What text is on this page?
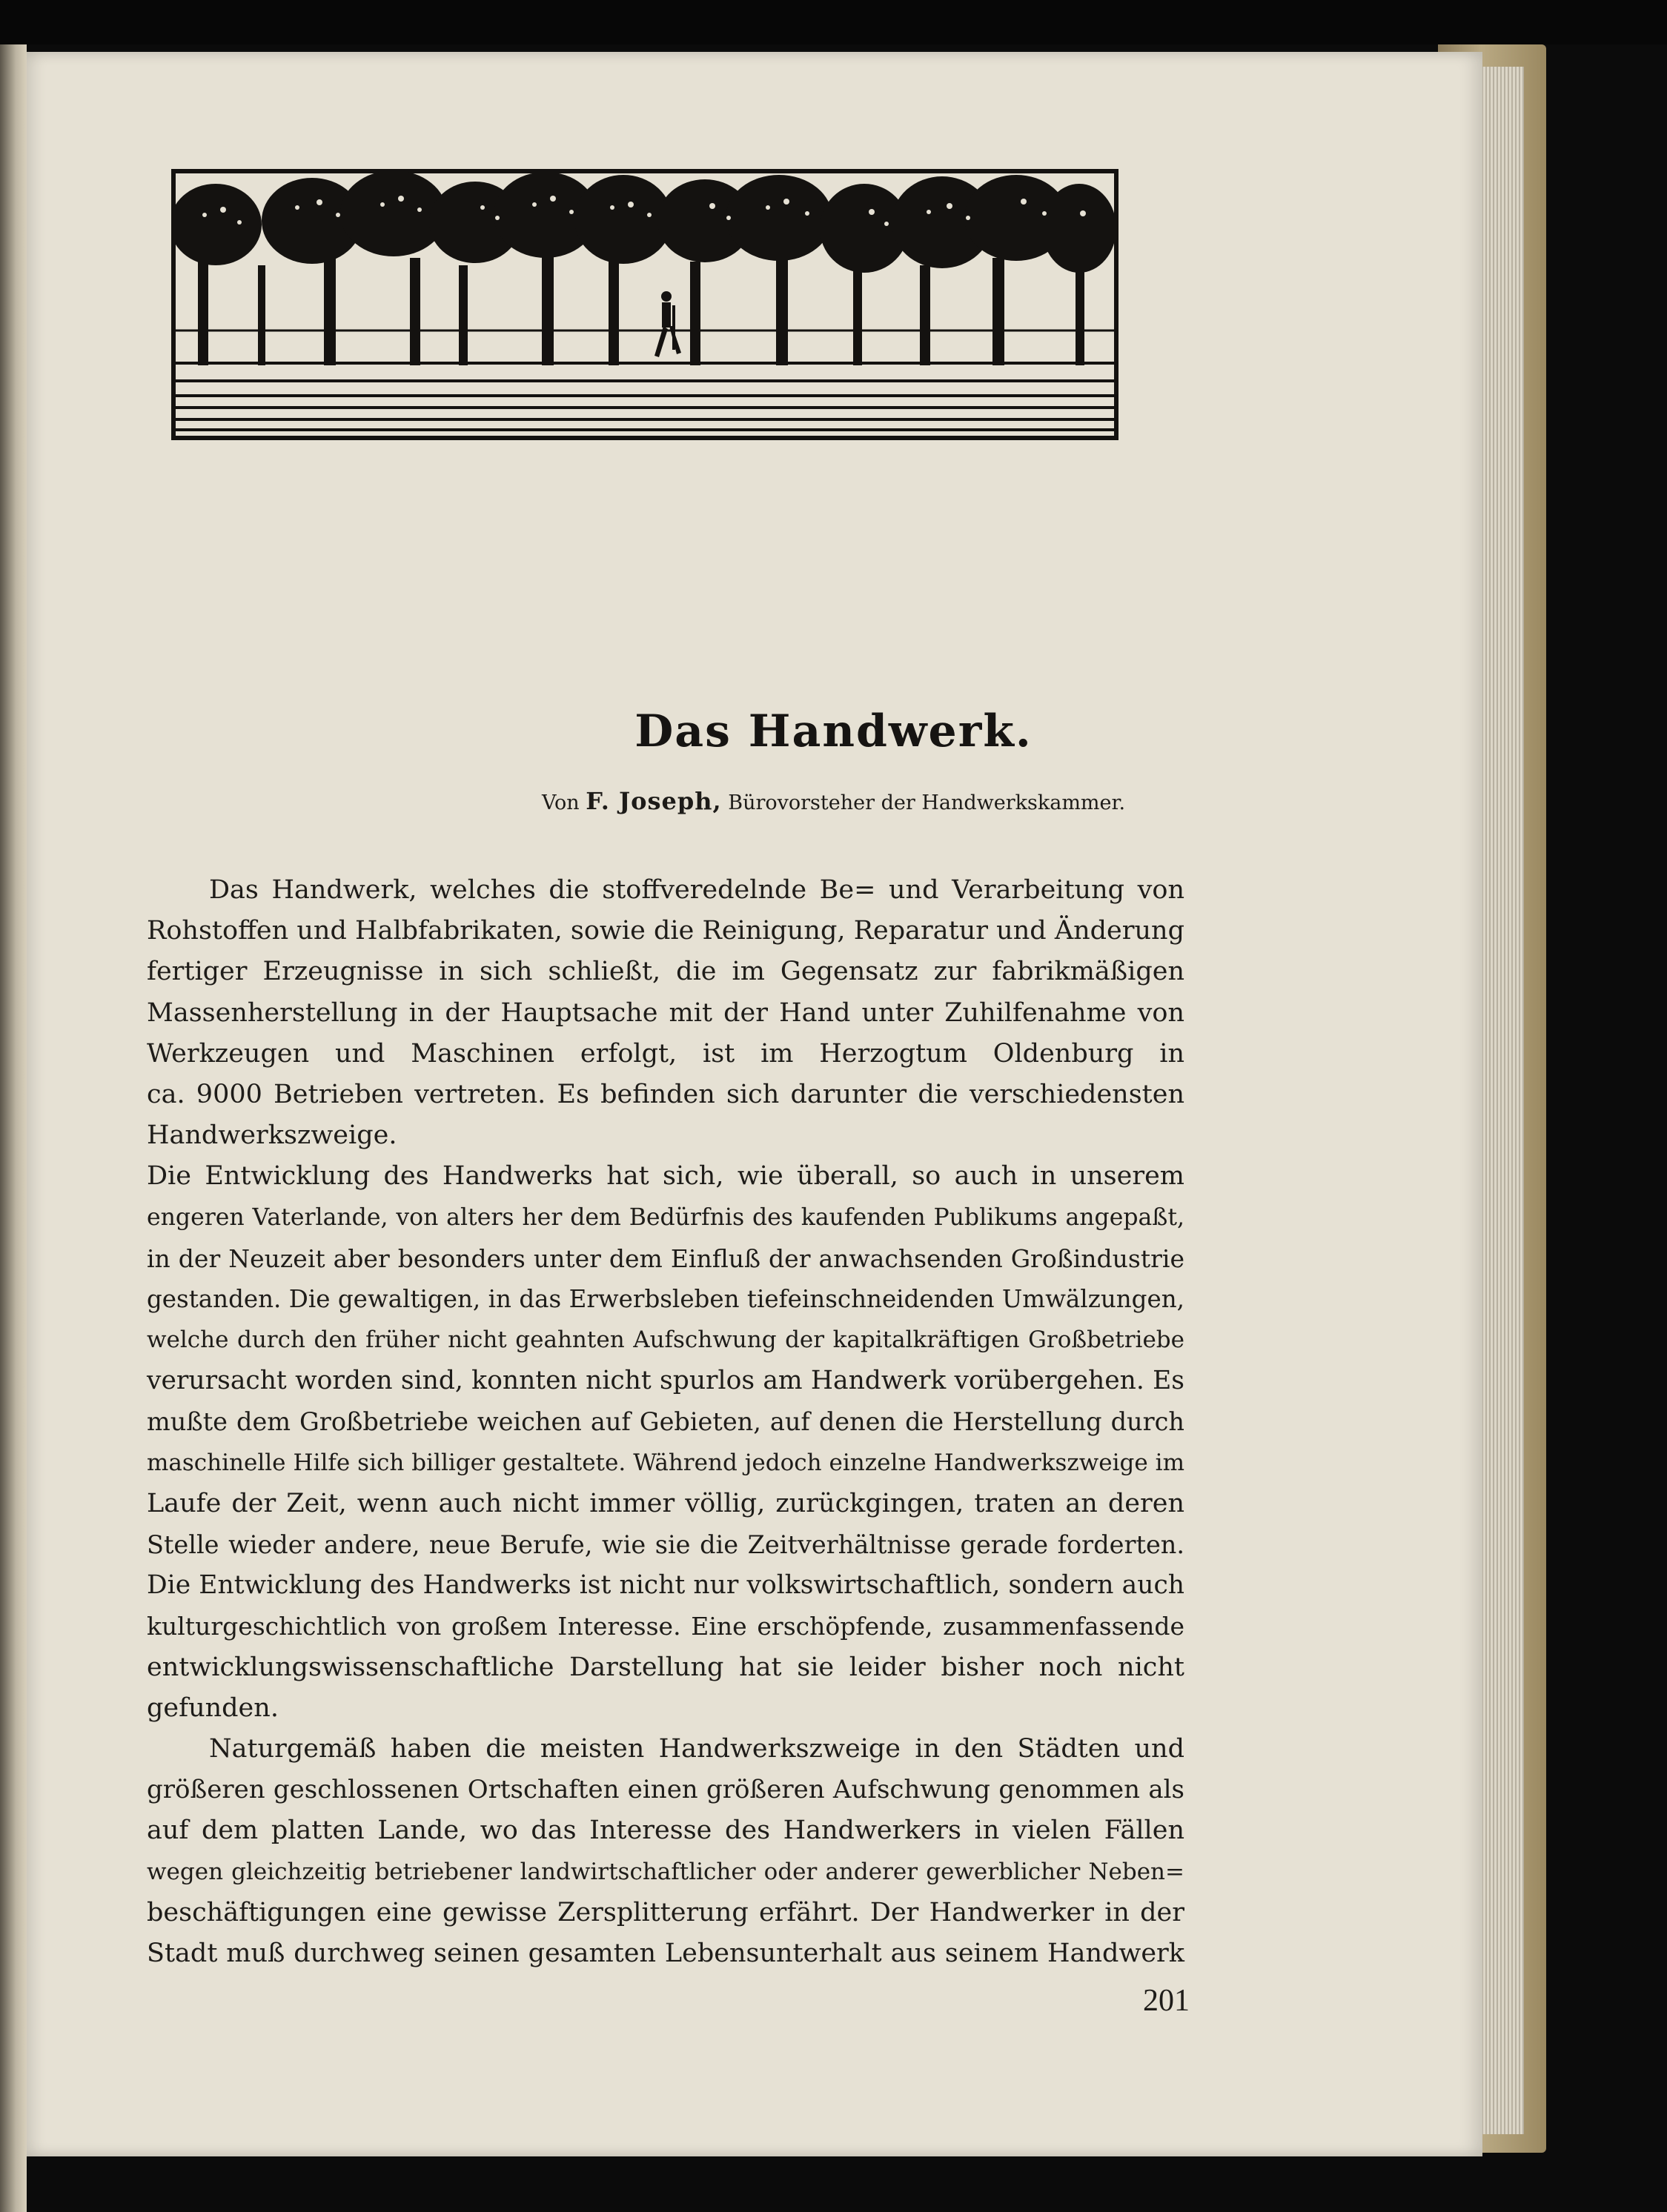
Das Handwerk.
Von F. Joseph, Bürovorsteher der Handwerkskammer.
Das Handwerk, welches die stoffveredelnde Be= und Verarbeitung von
Rohstoffen und Halbfabrikaten, sowie die Reinigung, Reparatur und Änderung
fertiger Erzeugnisse in sich schließt, die im Gegensatz zur fabrikmäßigen
Massenherstellung in der Hauptsache mit der Hand unter Zuhilfenahme von
Werkzeugen und Maschinen erfolgt, ist im Herzogtum Oldenburg in
ca. 9000 Betrieben vertreten. Es befinden sich darunter die verschiedensten
Handwerkszweige.
Die Entwicklung des Handwerks hat sich, wie überall, so auch in unserem
engeren Vaterlande, von alters her dem Bedürfnis des kaufenden Publikums angepaßt,
in der Neuzeit aber besonders unter dem Einfluß der anwachsenden Großindustrie
gestanden. Die gewaltigen, in das Erwerbsleben tiefeinschneidenden Umwälzungen,
welche durch den früher nicht geahnten Aufschwung der kapitalkräftigen Großbetriebe
verursacht worden sind, konnten nicht spurlos am Handwerk vorübergehen. Es
mußte dem Großbetriebe weichen auf Gebieten, auf denen die Herstellung durch
maschinelle Hilfe sich billiger gestaltete. Während jedoch einzelne Handwerkszweige im
Laufe der Zeit, wenn auch nicht immer völlig, zurückgingen, traten an deren
Stelle wieder andere, neue Berufe, wie sie die Zeitverhältnisse gerade forderten.
Die Entwicklung des Handwerks ist nicht nur volkswirtschaftlich, sondern auch
kulturgeschichtlich von großem Interesse. Eine erschöpfende, zusammenfassende
entwicklungswissenschaftliche Darstellung hat sie leider bisher noch nicht
gefunden.
Naturgemäß haben die meisten Handwerkszweige in den Städten und
größeren geschlossenen Ortschaften einen größeren Aufschwung genommen als
auf dem platten Lande, wo das Interesse des Handwerkers in vielen Fällen
wegen gleichzeitig betriebener landwirtschaftlicher oder anderer gewerblicher Neben=
beschäftigungen eine gewisse Zersplitterung erfährt. Der Handwerker in der
Stadt muß durchweg seinen gesamten Lebensunterhalt aus seinem Handwerk
201
